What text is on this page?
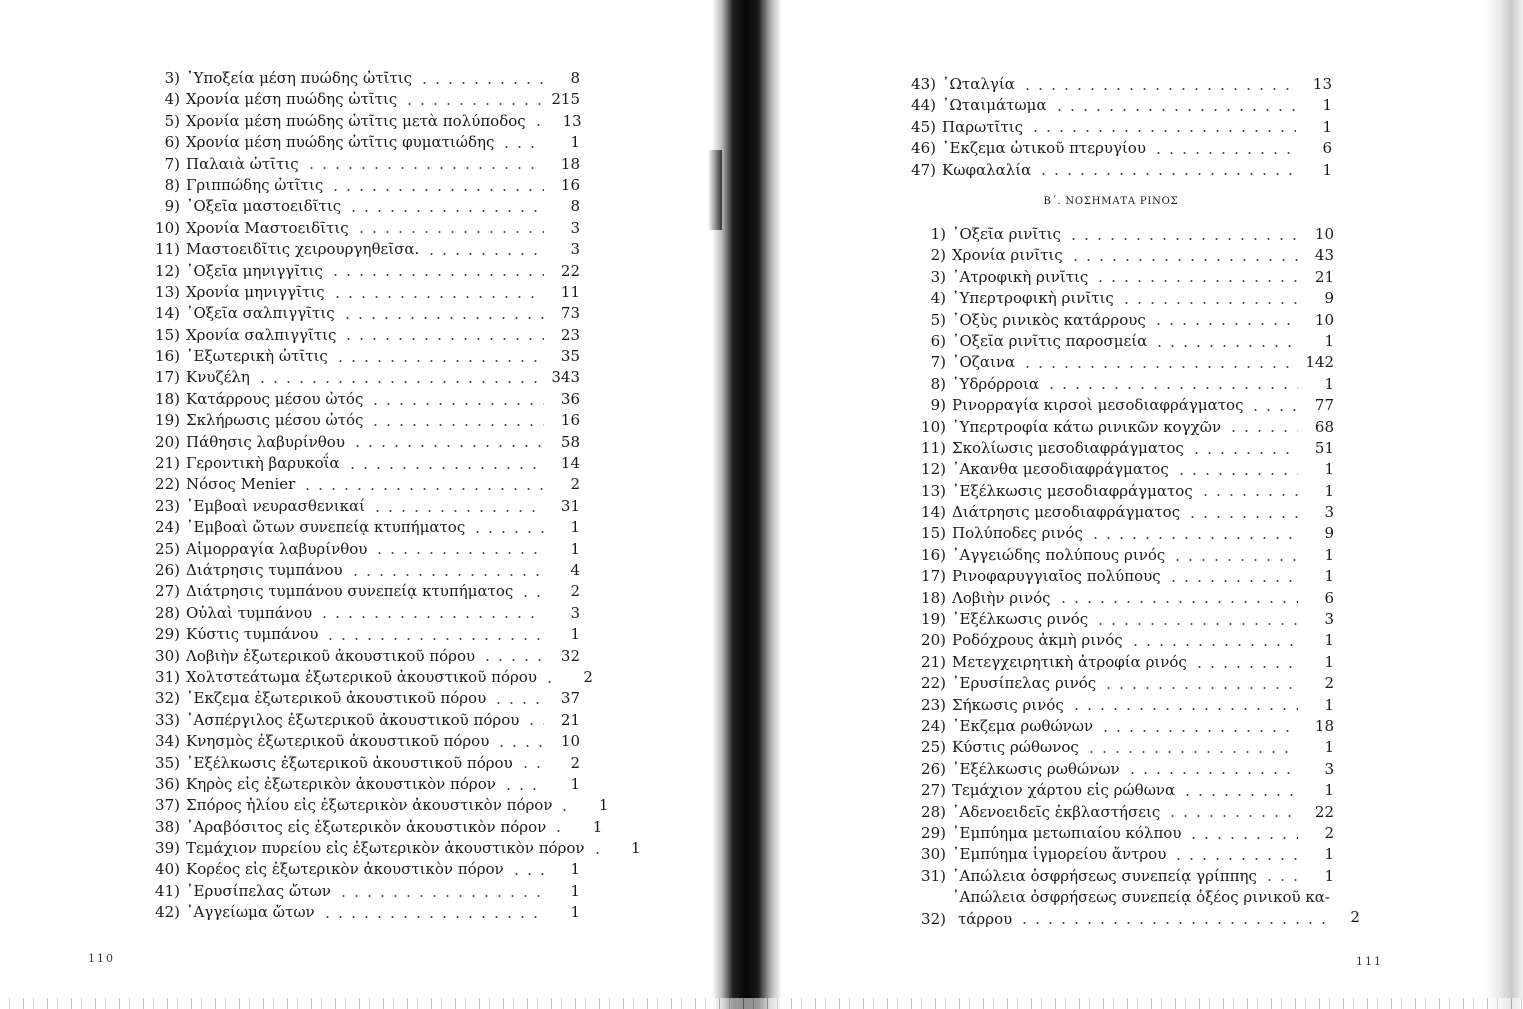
3) ᾽Υποξεία μέση πυώδης ὠτῖτις	8
4) Χρονία μέση πυώδης ὠτῖτις	215
5) Χρονία μέση πυώδης ὠτῖτις μετὰ πολύποδος	13
6) Χρονία μέση πυώδης ὠτῖτις φυματιώδης	1
7) Παλαιὰ ὠτῖτις	18
8) Γριππώδης ὠτῖτις	16
9) ᾽Οξεῖα μαστοειδῖτις	8
10) Χρονία Μαστοειδῖτις	3
11) Μαστοειδῖτις χειρουργηθεῖσα.	3
12) ᾽Οξεῖα μηνιγγῖτις	22
13) Χρονία μηνιγγῖτις	11
14) ᾽Οξεῖα σαλπιγγῖτις	73
15) Χρονία σαλπιγγῖτις	23
16) ᾽Εξωτερικὴ ὠτῖτις	35
17) Κνυζέλη	343
18) Κατάρρους μέσου ὠτός	36
19) Σκλήρωσις μέσου ὠτός	16
20) Πάθησις λαβυρίνθου	58
21) Γεροντικὴ βαρυκοΐα	14
22) Νόσος Menier	2
23) ᾽Εμβοαὶ νευρασθενικαί	31
24) ᾽Εμβοαὶ ὤτων συνεπείᾳ κτυπήματος	1
25) Αἱμορραγία λαβυρίνθου	1
26) Διάτρησις τυμπάνου	4
27) Διάτρησις τυμπάνου συνεπείᾳ κτυπήματος	2
28) Οὐλαὶ τυμπάνου	3
29) Κύστις τυμπάνου	1
30) Λοβιὴν ἐξωτερικοῦ ἀκουστικοῦ πόρου	32
31) Χολτστεάτωμα ἐξωτερικοῦ ἀκουστικοῦ πόρου	2
32) ᾽Εκζεμα ἐξωτερικοῦ ἀκουστικοῦ πόρου	37
33) ᾽Ασπέργιλος ἐξωτερικοῦ ἀκουστικοῦ πόρου	21
34) Κνησμὸς ἐξωτερικοῦ ἀκουστικοῦ πόρου	10
35) ᾽Εξέλκωσις ἐξωτερικοῦ ἀκουστικοῦ πόρου	2
36) Κηρὸς εἰς ἐξωτερικὸν ἀκουστικὸν πόρον	1
37) Σπόρος ἡλίου εἰς ἐξωτερικὸν ἀκουστικὸν πόρον	1
38) ᾽Αραβόσιτος εἰς ἐξωτερικὸν ἀκουστικὸν πόρον	1
39) Τεμάχιον πυρείου εἰς ἐξωτερικὸν ἀκουστικὸν πόρον	1
40) Κορέος εἰς ἐξωτερικὸν ἀκουστικὸν πόρον	1
41) ᾽Ερυσίπελας ὤτων	1
42) ᾽Αγγείωμα ὤτων	1
110
43) ᾽Ωταλγία	13
44) ᾽Ωταιμάτωμα	1
45) Παρωτῖτις	1
46) ᾽Εκζεμα ὠτικοῦ πτερυγίου	6
47) Κωφαλαλία	1
Β΄. ΝΟΣΗΜΑΤΑ ΡΙΝΟΣ
1) ᾽Οξεῖα ρινῖτις	10
2) Χρονία ρινῖτις	43
3) ᾽Ατροφικὴ ρινῖτις	21
4) ῾Υπερτροφικὴ ρινῖτις	9
5) ᾽Οξὺς ρινικὸς κατάρρους	10
6) ᾽Οξεῖα ρινῖτις παροσμεία	1
7) ᾽Οζαινα	142
8) ῾Υδρόρροια	1
9) Ρινορραγία κιρσοὶ μεσοδιαφράγματος	77
10) ῾Υπερτροφία κάτω ρινικῶν κογχῶν	68
11) Σκολίωσις μεσοδιαφράγματος	51
12) ᾽Ακανθα μεσοδιαφράγματος	1
13) ᾽Εξέλκωσις μεσοδιαφράγματος	1
14) Διάτρησις μεσοδιαφράγματος	3
15) Πολύποδες ρινός	9
16) ᾽Αγγειώδης πολύπους ρινός	1
17) Ρινοφαρυγγιαῖος πολύπους	1
18) Λοβιὴν ρινός	6
19) ᾽Εξέλκωσις ρινός	3
20) Ροδόχρους ἀκμὴ ρινός	1
21) Μετεγχειρητικὴ ἀτροφία ρινός	1
22) ᾽Ερυσίπελας ρινός	2
23) Σήκωσις ρινός	1
24) ᾽Εκζεμα ρωθώνων	18
25) Κύστις ρώθωνος	1
26) ᾽Εξέλκωσις ρωθώνων	3
27) Τεμάχιον χάρτου εἰς ρώθωνα	1
28) ᾽Αδενοειδεῖς ἐκβλαστήσεις	22
29) ᾽Εμπύημα μετωπιαίου κόλπου	2
30) ᾽Εμπύημα ἱγμορείου ἄντρου	1
31) ᾽Απώλεια ὀσφρήσεως συνεπείᾳ γρίππης	1
32)
᾽Απώλεια ὀσφρήσεως συνεπείᾳ ὀξέος ρινικοῦ κα-
τάρρου	2
111
